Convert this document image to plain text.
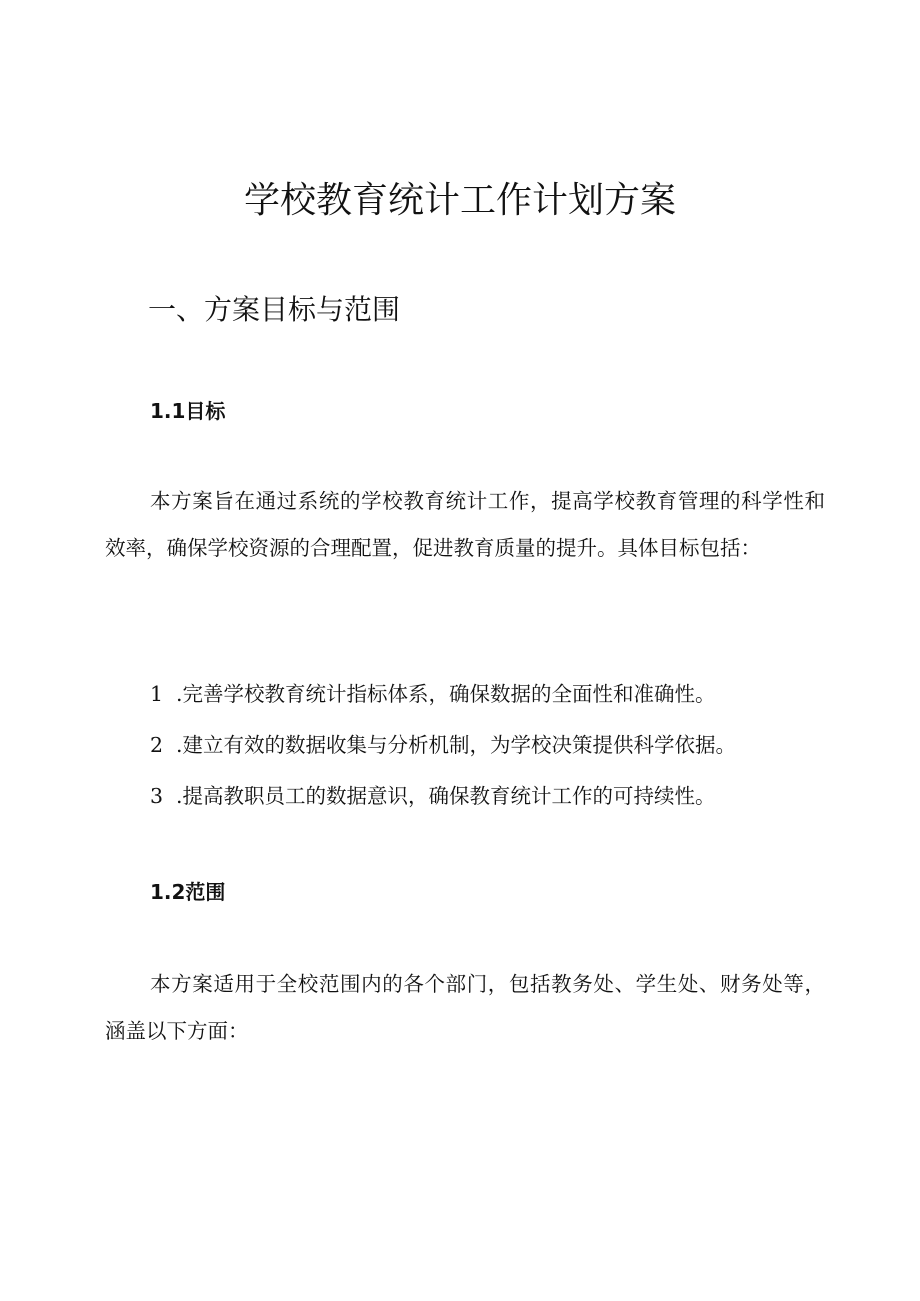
学校教育统计工作计划方案
一、方案目标与范围
1.1目标

本方案旨在通过系统的学校教育统计工作，提高学校教育管理的科学性和效率，确保学校资源的合理配置，促进教育质量的提升。具体目标包括：

1 .完善学校教育统计指标体系，确保数据的全面性和准确性。
2 .建立有效的数据收集与分析机制，为学校决策提供科学依据。
3 .提高教职员工的数据意识，确保教育统计工作的可持续性。
1.2范围

本方案适用于全校范围内的各个部门，包括教务处、学生处、财务处等，涵盖以下方面：
